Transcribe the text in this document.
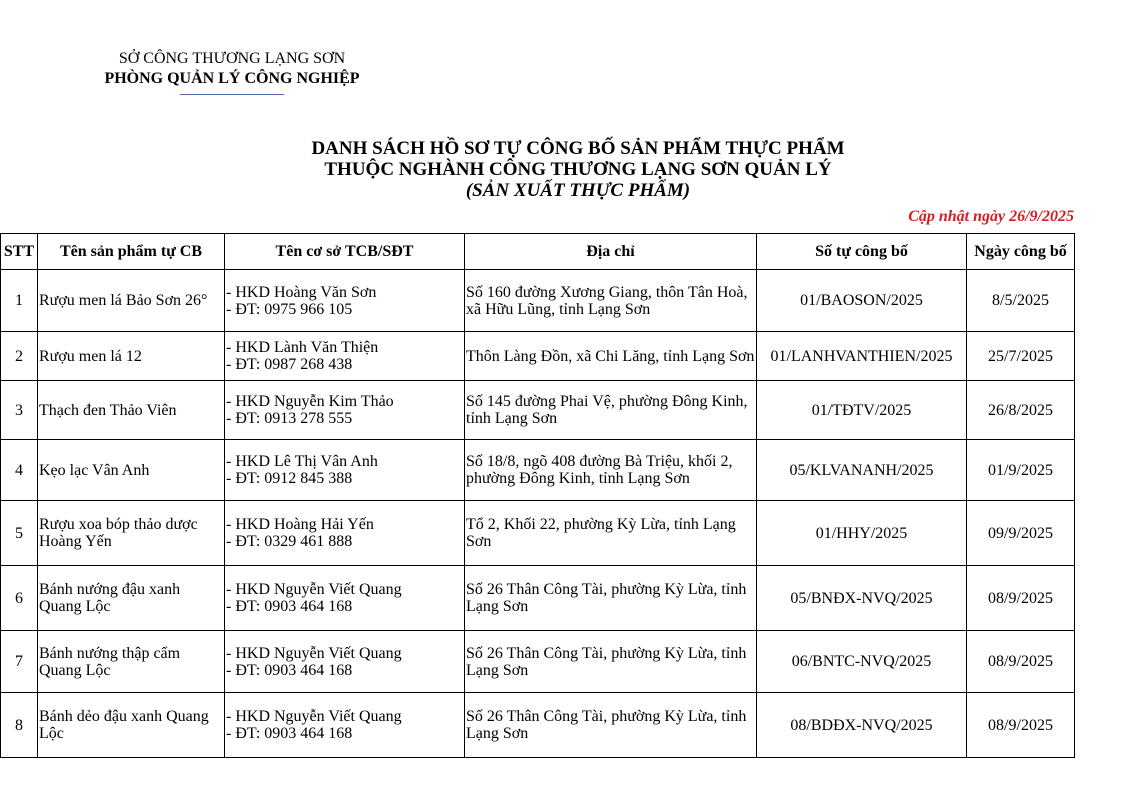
SỞ CÔNG THƯƠNG LẠNG SƠN
PHÒNG QUẢN LÝ CÔNG NGHIỆP
DANH SÁCH HỒ SƠ TỰ CÔNG BỐ SẢN PHẨM THỰC PHẨM
THUỘC NGHÀNH CÔNG THƯƠNG LẠNG SƠN QUẢN LÝ
(SẢN XUẤT THỰC PHẨM)
Cập nhật ngày 26/9/2025
STT	Tên sản phẩm tự CB	Tên cơ sở TCB/SĐT	Địa chỉ	Số tự công bố	Ngày công bố
1	Rượu men lá Bảo Sơn 26°	- HKD Hoàng Văn Sơn
- ĐT: 0975 966 105	Số 160 đường Xương Giang, thôn Tân Hoà, xã Hữu Lũng, tỉnh Lạng Sơn	01/BAOSON/2025	8/5/2025
2	Rượu men lá 12	- HKD Lành Văn Thiện
- ĐT: 0987 268 438	Thôn Làng Đồn, xã Chi Lăng, tỉnh Lạng Sơn	01/LANHVANTHIEN/2025	25/7/2025
3	Thạch đen Thảo Viên	- HKD Nguyễn Kim Thảo
- ĐT: 0913 278 555	Số 145 đường Phai Vệ, phường Đông Kinh, tỉnh Lạng Sơn	01/TĐTV/2025	26/8/2025
4	Kẹo lạc Vân Anh	- HKD Lê Thị Vân Anh
- ĐT: 0912 845 388	Số 18/8, ngõ 408 đường Bà Triệu, khối 2, phường Đông Kinh, tỉnh Lạng Sơn	05/KLVANANH/2025	01/9/2025
5	Rượu xoa bóp thảo dược Hoàng Yến	- HKD Hoàng Hải Yến
- ĐT: 0329 461 888	Tổ 2, Khối 22, phường Kỳ Lừa, tỉnh Lạng Sơn	01/HHY/2025	09/9/2025
6	Bánh nướng đậu xanh Quang Lộc	- HKD Nguyễn Viết Quang
- ĐT: 0903 464 168	Số 26 Thân Công Tài, phường Kỳ Lừa, tỉnh Lạng Sơn	05/BNĐX-NVQ/2025	08/9/2025
7	Bánh nướng thập cẩm Quang Lộc	- HKD Nguyễn Viết Quang
- ĐT: 0903 464 168	Số 26 Thân Công Tài, phường Kỳ Lừa, tỉnh Lạng Sơn	06/BNTC-NVQ/2025	08/9/2025
8	Bánh dẻo đậu xanh Quang Lộc	- HKD Nguyễn Viết Quang
- ĐT: 0903 464 168	Số 26 Thân Công Tài, phường Kỳ Lừa, tỉnh Lạng Sơn	08/BDĐX-NVQ/2025	08/9/2025
